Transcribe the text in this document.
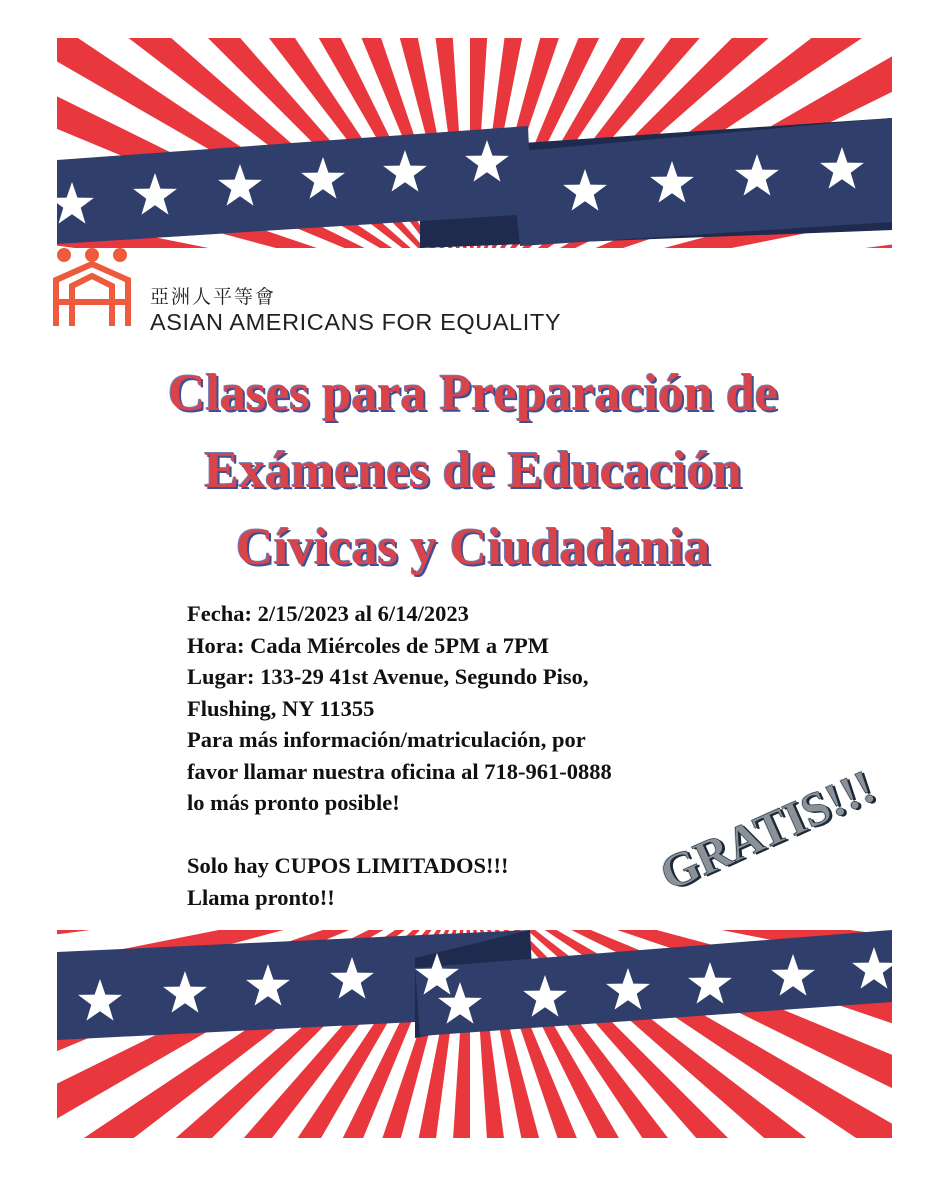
亞洲人平等會
ASIAN AMERICANS FOR EQUALITY
Clases para Preparación de
Exámenes de Educación
Cívicas y Ciudadania
Fecha: 2/15/2023 al 6/14/2023
Hora: Cada Miércoles de 5PM a 7PM
Lugar: 133-29 41st Avenue, Segundo Piso,
Flushing, NY 11355
Para más información/matriculación, por
favor llamar nuestra oficina al 718-961-0888
lo más pronto posible!
Solo hay CUPOS LIMITADOS!!!
Llama pronto!!	GRATIS!!!
